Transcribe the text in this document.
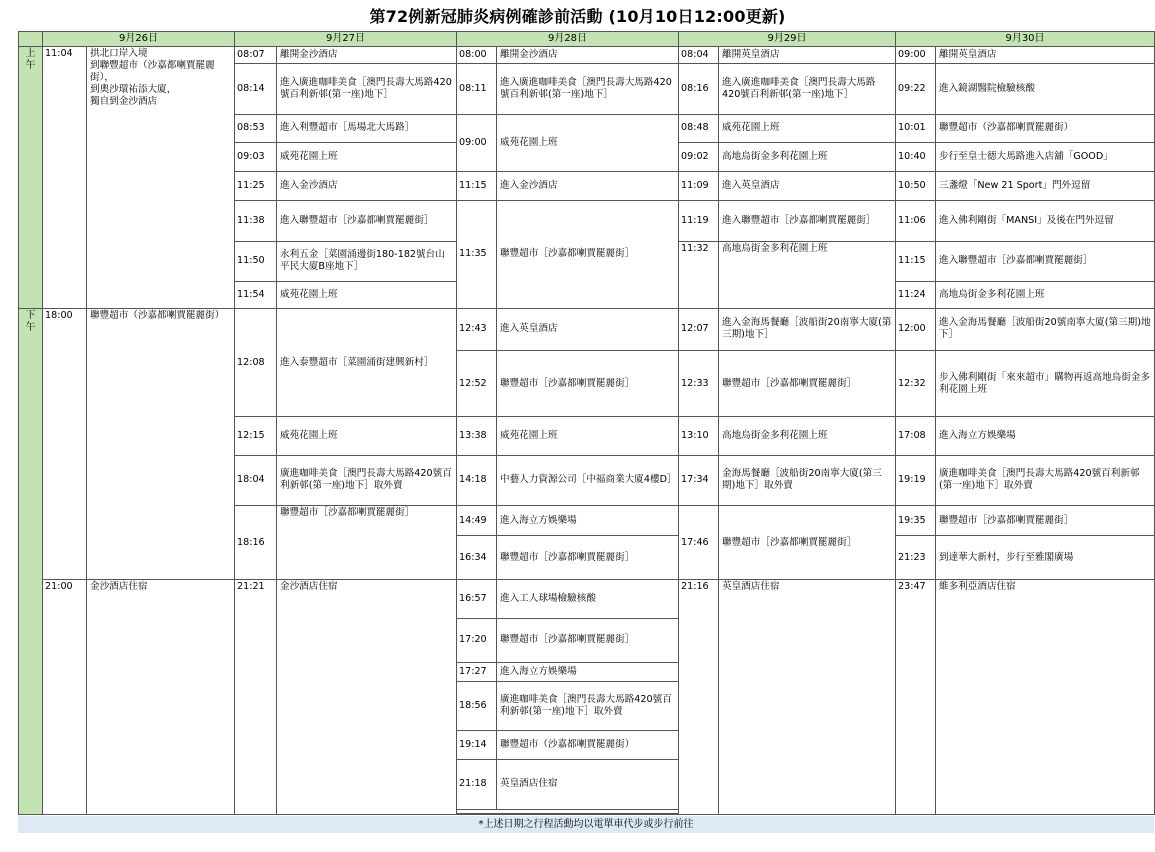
第72例新冠肺炎病例確診前活動 (10月10日12:00更新)
	9月26日		9月27日		9月28日		9月29日		9月30日	

上午	11:04	拱北口岸入境
到聯豐超市（沙嘉都喇賈罷麗街），
到奧沙環祐添大廈，
獨自到金沙酒店	08:07	離開金沙酒店	08:00	離開金沙酒店	08:04	離開英皇酒店	09:00	離開英皇酒店
			08:14	進入廣進咖啡美食［澳門長壽大馬路420號百利新邨(第一座)地下］	08:11	進入廣進咖啡美食［澳門長壽大馬路420號百利新邨(第一座)地下］	08:16	進入廣進咖啡美食［澳門長壽大馬路420號百利新邨(第一座)地下］	09:22	進入鏡湖醫院檢驗核酸
			08:53	進入利豐超市［馬場北大馬路］	09:00	威苑花園上班	08:48	威苑花園上班	10:01	聯豐超市（沙嘉都喇賈罷麗街）
			09:03	威苑花園上班			09:02	高地烏街金多利花園上班	10:40	步行至皇士德大馬路進入店舖「GOOD」
			11:25	進入金沙酒店	11:15	進入金沙酒店	11:09	進入英皇酒店	10:50	三盞燈「New 21 Sport」門外逗留
			11:38	進入聯豐超市［沙嘉都喇賈罷麗街］	11:35	聯豐超市［沙嘉都喇賈罷麗街］	11:19	進入聯豐超市［沙嘉都喇賈罷麗街］	11:06	進入佛利剛街「MANSI」及後在門外逗留
			11:50	永利五金［菜園涌邊街180-182號台山平民大廈B座地下］			11:32	高地烏街金多利花園上班	11:15	進入聯豐超市［沙嘉都喇賈罷麗街］
			11:54	威苑花園上班					11:24	高地烏街金多利花園上班

下午	18:00	聯豐超市（沙嘉都喇賈罷麗街）	12:08	進入泰豐超市［菜園涌街建興新村］	12:43	進入英皇酒店	12:07	進入金海馬餐廳［波船街20南寧大廈(第三期)地下］	12:00	進入金海馬餐廳［波船街20號南寧大廈(第三期)地下］
					12:52	聯豐超市［沙嘉都喇賈罷麗街］	12:33	聯豐超市［沙嘉都喇賈罷麗街］	12:32	步入佛利剛街「來來超市」購物再返高地烏街金多利花園上班
			12:15	威苑花園上班	13:38	威苑花園上班	13:10	高地烏街金多利花園上班	17:08	進入海立方娛樂場
			18:04	廣進咖啡美食［澳門長壽大馬路420號百利新邨(第一座)地下］取外賣	14:18	中藝人力資源公司［中福商業大廈4樓D］	17:34	金海馬餐廳［波船街20南寧大廈(第三期)地下］取外賣	19:19	廣進咖啡美食［澳門長壽大馬路420號百利新邨(第一座)地下］取外賣
			18:16	聯豐超市［沙嘉都喇賈罷麗街］	14:49	進入海立方娛樂場	17:46	聯豐超市［沙嘉都喇賈罷麗街］	19:35	聯豐超市［沙嘉都喇賈罷麗街］
					16:34	聯豐超市［沙嘉都喇賈罷麗街］			21:23	到達華大新村，步行至雅閣廣場
	21:00	金沙酒店住宿	21:21	金沙酒店住宿	16:57	進入工人球場檢驗核酸	21:16	英皇酒店住宿	23:47	維多利亞酒店住宿
					17:20	聯豐超市［沙嘉都喇賈罷麗街］				
					17:27	進入海立方娛樂場				
					18:56	廣進咖啡美食［澳門長壽大馬路420號百利新邨(第一座)地下］取外賣				
					19:14	聯豐超市（沙嘉都喇賈罷麗街）				
					21:18	英皇酒店住宿				

*上述日期之行程活動均以電單車代步或步行前往
